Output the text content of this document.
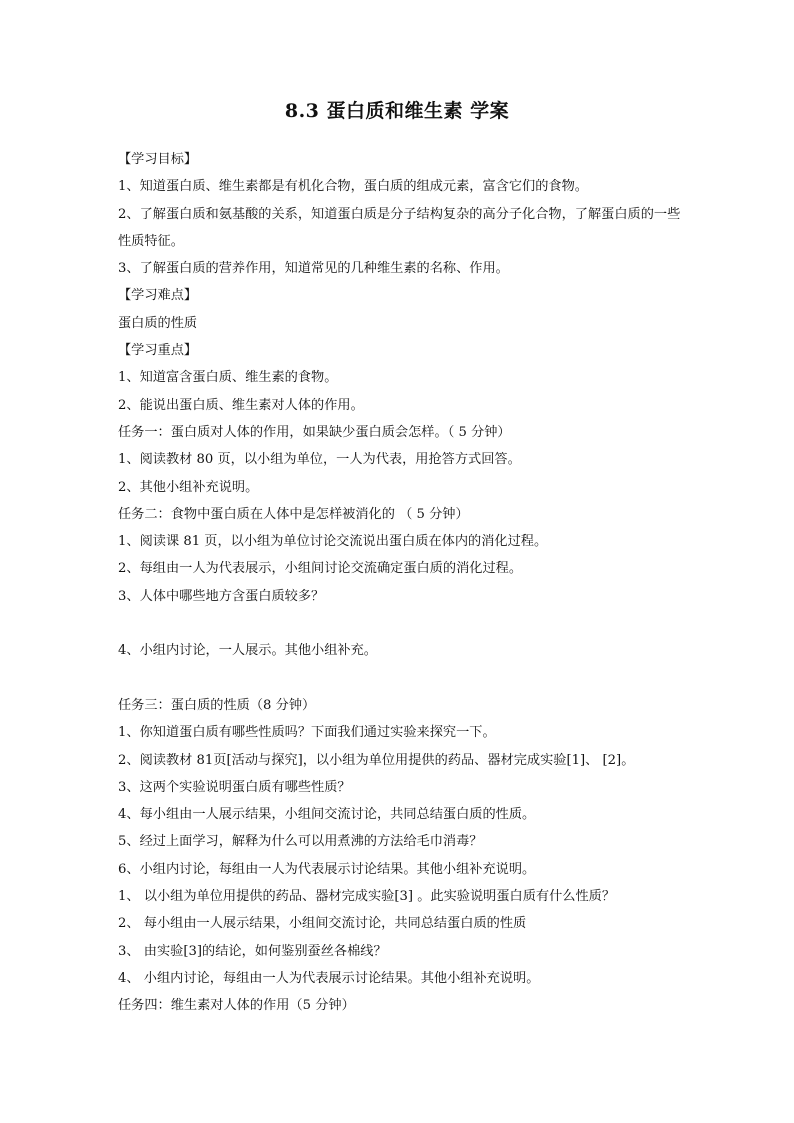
8.3 蛋白质和维生素 学案
【学习目标】
1、知道蛋白质、维生素都是有机化合物，蛋白质的组成元素，富含它们的食物。
2、了解蛋白质和氨基酸的关系，知道蛋白质是分子结构复杂的高分子化合物，了解蛋白质的一些性质特征。
3、了解蛋白质的营养作用，知道常见的几种维生素的名称、作用。
【学习难点】
蛋白质的性质
【学习重点】
1、知道富含蛋白质、维生素的食物。
2、能说出蛋白质、维生素对人体的作用。
任务一：蛋白质对人体的作用，如果缺少蛋白质会怎样。（ 5 分钟）
1、阅读教材 80 页，以小组为单位，一人为代表，用抢答方式回答。
2、其他小组补充说明。
任务二：食物中蛋白质在人体中是怎样被消化的 （ 5 分钟）
1、阅读课 81 页，以小组为单位讨论交流说出蛋白质在体内的消化过程。
2、每组由一人为代表展示，小组间讨论交流确定蛋白质的消化过程。
3、人体中哪些地方含蛋白质较多？
4、小组内讨论，一人展示。其他小组补充。
任务三：蛋白质的性质（8 分钟）
1、你知道蛋白质有哪些性质吗？下面我们通过实验来探究一下。
2、阅读教材 81页[活动与探究]，以小组为单位用提供的药品、器材完成实验[1]、 [2]。
3、这两个实验说明蛋白质有哪些性质？
4、每小组由一人展示结果，小组间交流讨论，共同总结蛋白质的性质。
5、经过上面学习，解释为什么可以用煮沸的方法给毛巾消毒？
6、小组内讨论，每组由一人为代表展示讨论结果。其他小组补充说明。
1、 以小组为单位用提供的药品、器材完成实验[3] 。此实验说明蛋白质有什么性质？
2、 每小组由一人展示结果，小组间交流讨论，共同总结蛋白质的性质
3、 由实验[3]的结论，如何鉴别蚕丝各棉线？
4、 小组内讨论，每组由一人为代表展示讨论结果。其他小组补充说明。
任务四：维生素对人体的作用（5 分钟）
